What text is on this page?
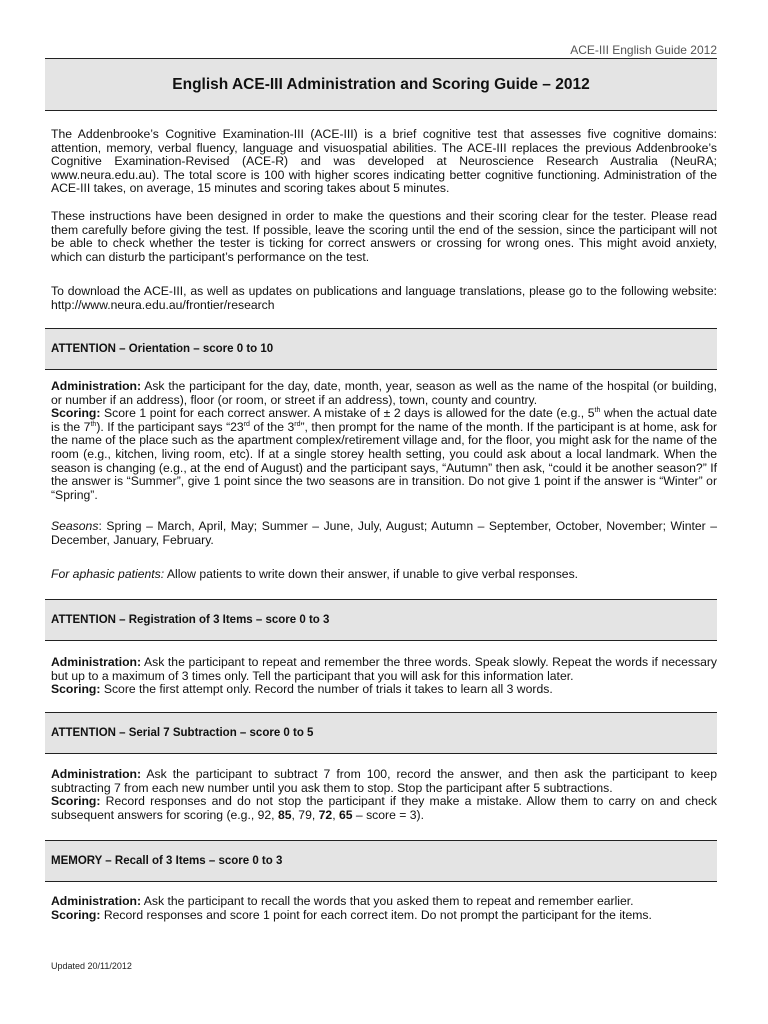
ACE-III English Guide 2012
English ACE-III Administration and Scoring Guide – 2012

The Addenbrooke’s Cognitive Examination-III (ACE-III) is a brief cognitive test that assesses five cognitive domains: attention, memory, verbal fluency, language and visuospatial abilities. The ACE-III replaces the previous Addenbrooke’s Cognitive Examination-Revised (ACE-R) and was developed at Neuroscience Research Australia (NeuRA; www.neura.edu.au). The total score is 100 with higher scores indicating better cognitive functioning. Administration of the ACE-III takes, on average, 15 minutes and scoring takes about 5 minutes.

These instructions have been designed in order to make the questions and their scoring clear for the tester. Please read them carefully before giving the test. If possible, leave the scoring until the end of the session, since the participant will not be able to check whether the tester is ticking for correct answers or crossing for wrong ones. This might avoid anxiety, which can disturb the participant’s performance on the test.

To download the ACE-III, as well as updates on publications and language translations, please go to the following website: http://www.neura.edu.au/frontier/research

ATTENTION – Orientation – score 0 to 10

Administration: Ask the participant for the day, date, month, year, season as well as the name of the hospital (or building, or number if an address), floor (or room, or street if an address), town, county and country.
Scoring: Score 1 point for each correct answer. A mistake of ± 2 days is allowed for the date (e.g., 5th when the actual date is the 7th). If the participant says “23rd of the 3rd”, then prompt for the name of the month. If the participant is at home, ask for the name of the place such as the apartment complex/retirement village and, for the floor, you might ask for the name of the room (e.g., kitchen, living room, etc). If at a single storey health setting, you could ask about a local landmark. When the season is changing (e.g., at the end of August) and the participant says, “Autumn” then ask, “could it be another season?” If the answer is “Summer”, give 1 point since the two seasons are in transition. Do not give 1 point if the answer is “Winter” or “Spring”.

Seasons: Spring – March, April, May; Summer – June, July, August; Autumn – September, October, November; Winter – December, January, February.

For aphasic patients: Allow patients to write down their answer, if unable to give verbal responses.

ATTENTION – Registration of 3 Items – score 0 to 3

Administration: Ask the participant to repeat and remember the three words. Speak slowly. Repeat the words if necessary but up to a maximum of 3 times only. Tell the participant that you will ask for this information later.
Scoring: Score the first attempt only. Record the number of trials it takes to learn all 3 words.

ATTENTION – Serial 7 Subtraction – score 0 to 5

Administration: Ask the participant to subtract 7 from 100, record the answer, and then ask the participant to keep subtracting 7 from each new number until you ask them to stop. Stop the participant after 5 subtractions.
Scoring: Record responses and do not stop the participant if they make a mistake. Allow them to carry on and check subsequent answers for scoring (e.g., 92, 85, 79, 72, 65 – score = 3).

MEMORY – Recall of 3 Items – score 0 to 3

Administration: Ask the participant to recall the words that you asked them to repeat and remember earlier.
Scoring: Record responses and score 1 point for each correct item. Do not prompt the participant for the items.

Updated 20/11/2012
